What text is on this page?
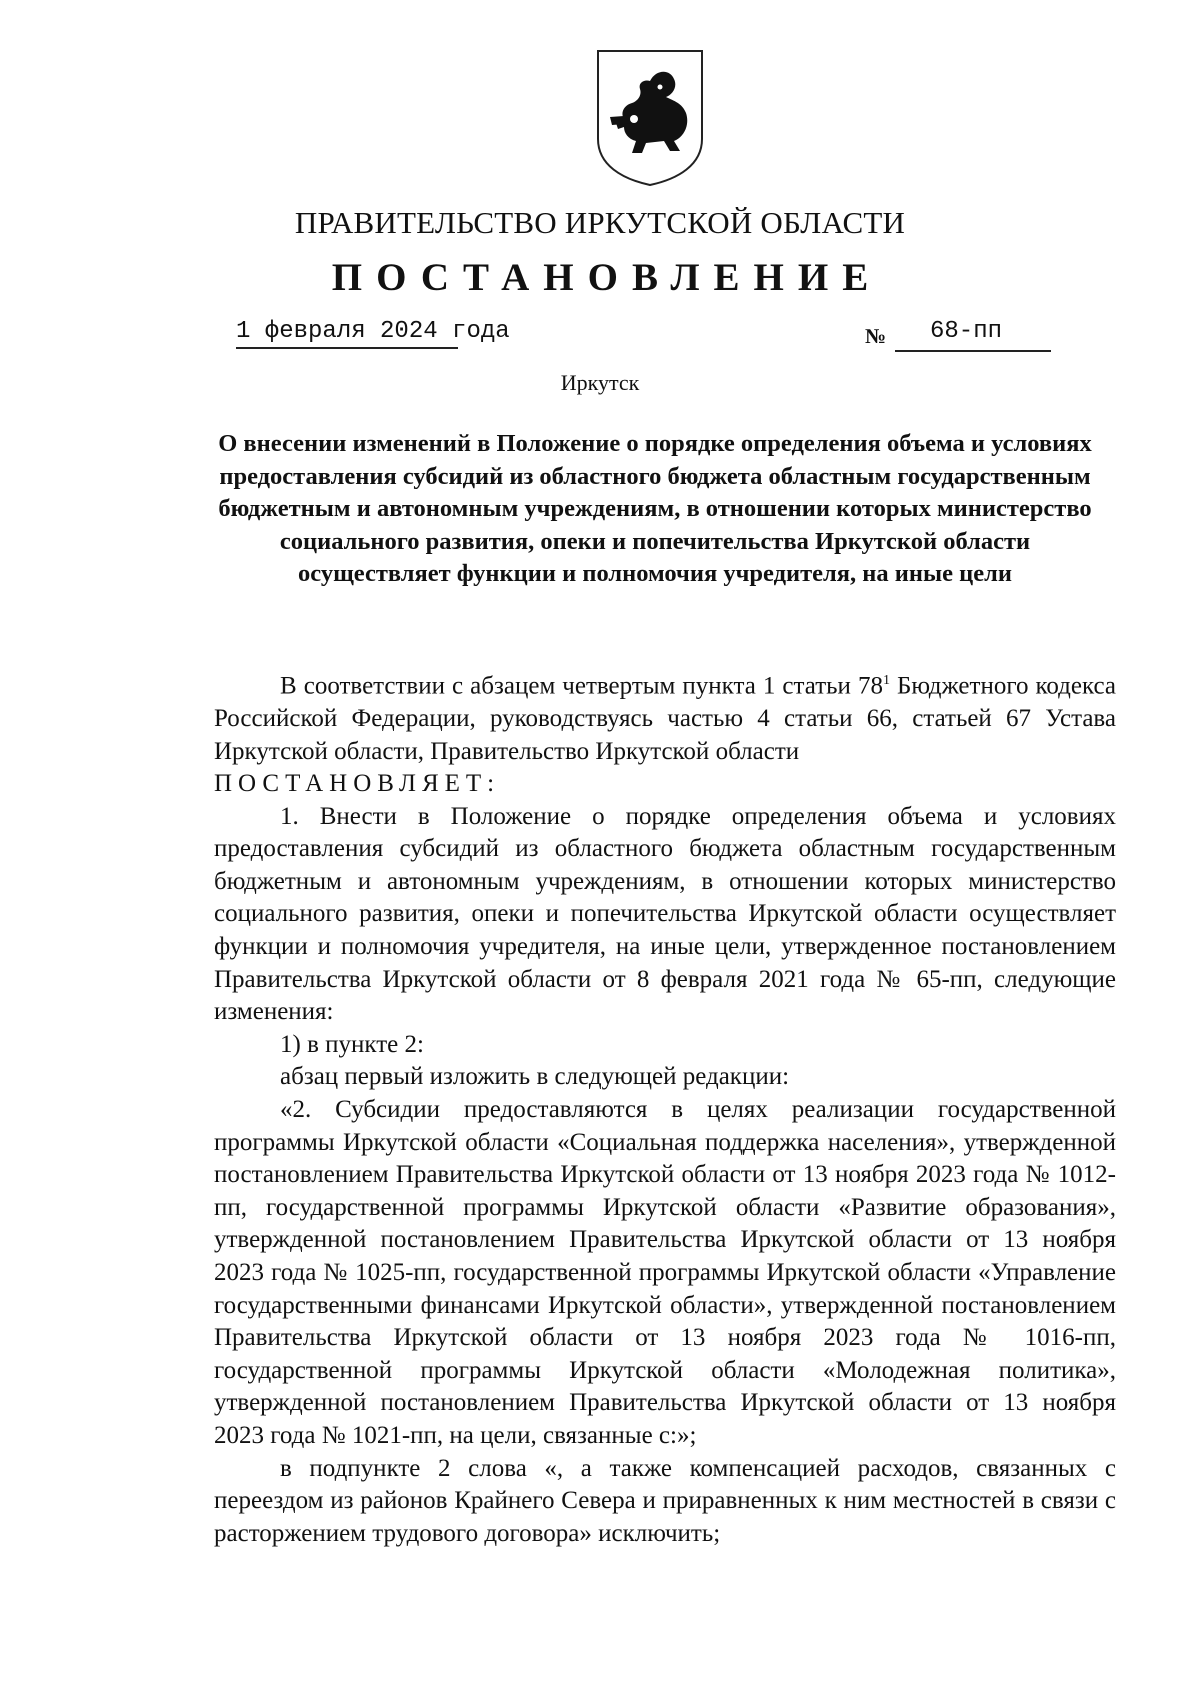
ПРАВИТЕЛЬСТВО ИРКУТСКОЙ ОБЛАСТИ
ПОСТАНОВЛЕНИЕ
1 февраля 2024 года	№ 68-пп
Иркутск
О внесении изменений в Положение о порядке определения объема и условиях предоставления субсидий из областного бюджета областным государственным бюджетным и автономным учреждениям, в отношении которых министерство социального развития, опеки и попечительства Иркутской области осуществляет функции и полномочия учредителя, на иные цели

В соответствии с абзацем четвертым пункта 1 статьи $78^1$ Бюджетного кодекса Российской Федерации, руководствуясь частью 4 статьи 66, статьей 67 Устава Иркутской области, Правительство Иркутской области

ПОСТАНОВЛЯЕТ:

1. Внести в Положение о порядке определения объема и условиях предоставления субсидий из областного бюджета областным государственным бюджетным и автономным учреждениям, в отношении которых министерство социального развития, опеки и попечительства Иркутской области осуществляет функции и полномочия учредителя, на иные цели, утвержденное постановлением Правительства Иркутской области от 8 февраля 2021 года № 65-пп, следующие изменения:

1) в пункте 2:

абзац первый изложить в следующей редакции:

«2. Субсидии предоставляются в целях реализации государственной программы Иркутской области «Социальная поддержка населения», утвержденной постановлением Правительства Иркутской области от 13 ноября 2023 года № 1012-пп, государственной программы Иркутской области «Развитие образования», утвержденной постановлением Правительства Иркутской области от 13 ноября 2023 года № 1025-пп, государственной программы Иркутской области «Управление государственными финансами Иркутской области», утвержденной постановлением Правительства Иркутской области от 13 ноября 2023 года № 1016-пп, государственной программы Иркутской области «Молодежная политика», утвержденной постановлением Правительства Иркутской области от 13 ноября 2023 года № 1021-пп, на цели, связанные с:»;

в подпункте 2 слова «, а также компенсацией расходов, связанных с переездом из районов Крайнего Севера и приравненных к ним местностей в связи с расторжением трудового договора» исключить;
